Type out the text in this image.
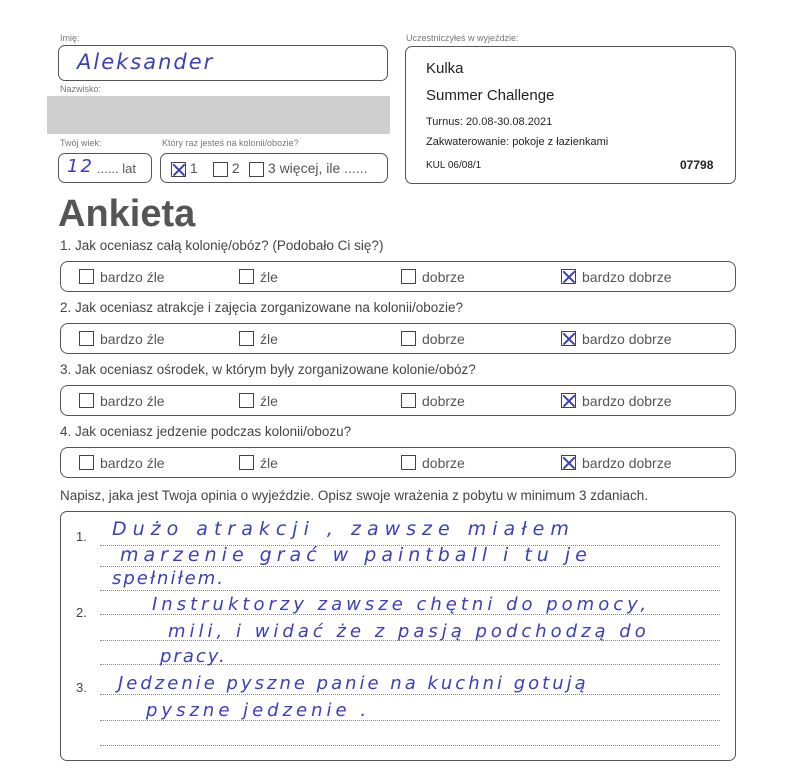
Imię:
Aleksander
Nazwisko:
Twój wiek:
12 ...... lat
Który raz jesteś na kolonii/obozie?
1	2	3 więcej, ile ......
Uczestniczyłeś w wyjeździe:
Kulka
Summer Challenge
Turnus: 20.08-30.08.2021
Zakwaterowanie: pokoje z łazienkami
KUL 06/08/1	07798
Ankieta
1. Jak oceniasz całą kolonię/obóz? (Podobało Ci się?)
bardzo źle	źle	dobrze	bardzo dobrze
2. Jak oceniasz atrakcje i zajęcia zorganizowane na kolonii/obozie?
bardzo źle	źle	dobrze	bardzo dobrze
3. Jak oceniasz ośrodek, w którym były zorganizowane kolonie/obóz?
bardzo źle	źle	dobrze	bardzo dobrze
4. Jak oceniasz jedzenie podczas kolonii/obozu?
bardzo źle	źle	dobrze	bardzo dobrze
Napisz, jaka jest Twoja opinia o wyjeździe. Opisz swoje wrażenia z pobytu w minimum 3 zdaniach.
1.
2.
3.
Dużo atrakcji , zawsze miałem
marzenie grać w paintball i tu je
spełniłem.
Instruktorzy zawsze chętni do pomocy,
mili, i widać że z pasją podchodzą do
pracy.
Jedzenie pyszne panie na kuchni gotują
pyszne jedzenie .
